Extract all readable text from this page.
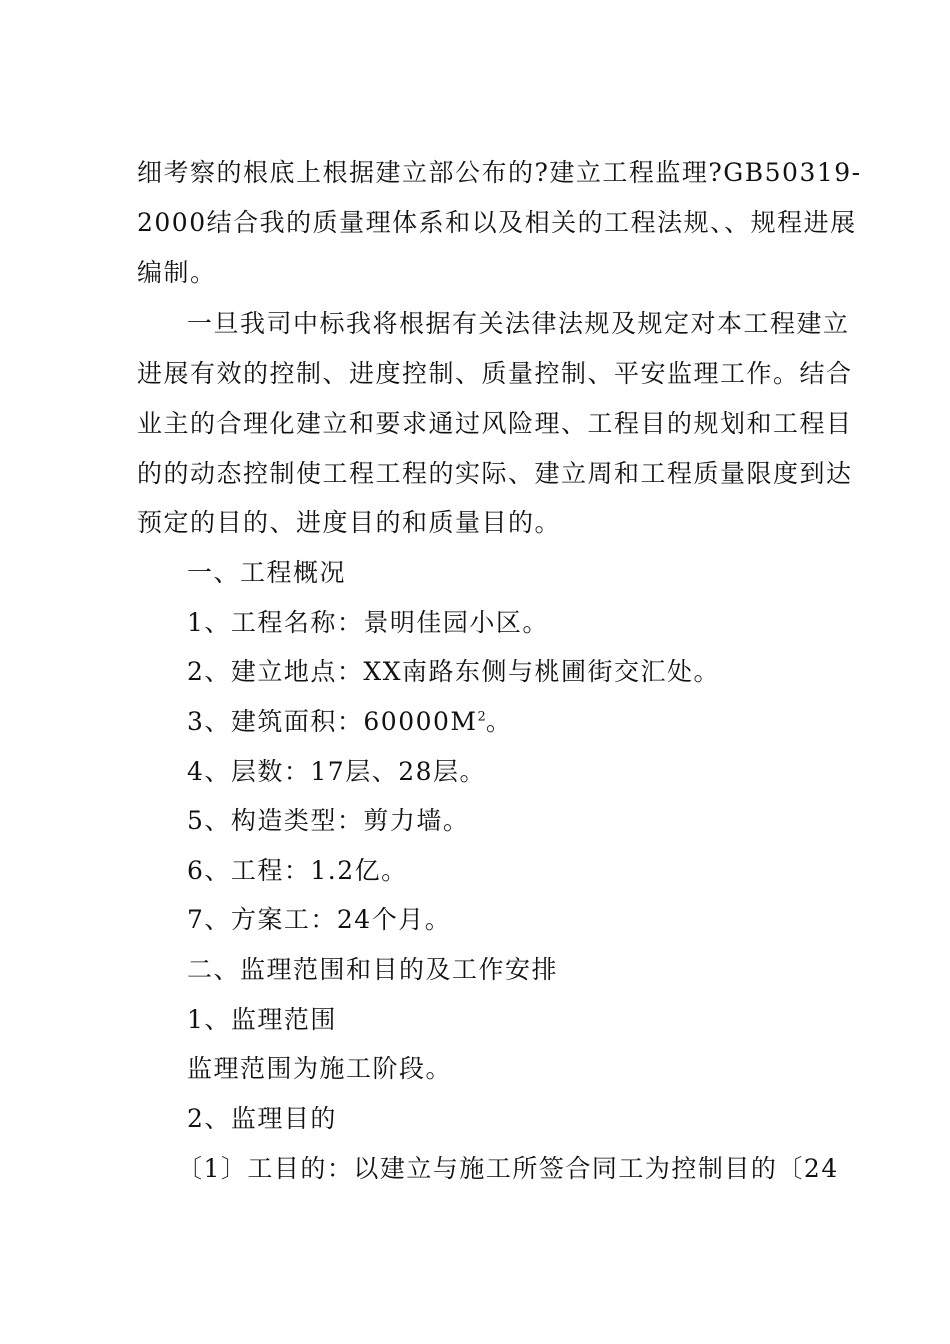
细考察的根底上根据建立部公布的?建立工程监理?GB50319-

2000结合我的质量理体系和以及相关的工程法规、、规程进展

编制。

一旦我司中标我将根据有关法律法规及规定对本工程建立

进展有效的控制、进度控制、质量控制、平安监理工作。结合

业主的合理化建立和要求通过风险理、工程目的规划和工程目

的的动态控制使工程工程的实际、建立周和工程质量限度到达

预定的目的、进度目的和质量目的。

一、工程概况

1、工程名称：景明佳园小区。

2、建立地点：XX南路东侧与桃圃街交汇处。

3、建筑面积：$60000M^2$。

4、层数：17层、28层。

5、构造类型：剪力墙。

6、工程：1.2亿。

7、方案工：24个月。

二、监理范围和目的及工作安排

1、监理范围

监理范围为施工阶段。

2、监理目的

〔1〕工目的：以建立与施工所签合同工为控制目的〔24
